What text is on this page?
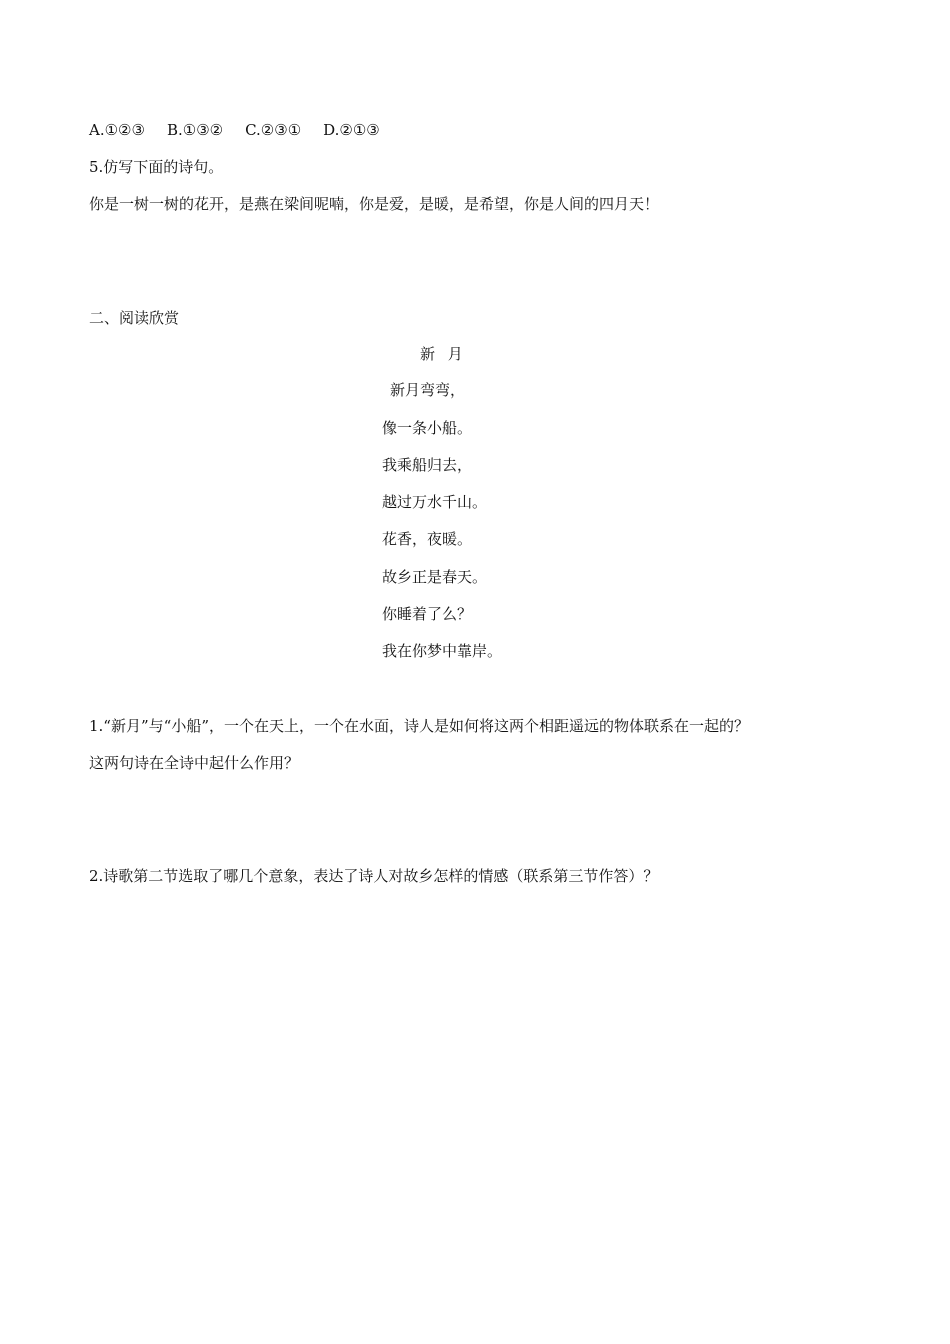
A.①②③ B.①③② C.②③① D.②①③
5.仿写下面的诗句。
你是一树一树的花开，是燕在梁间呢喃，你是爱，是暖，是希望，你是人间的四月天！
二、阅读欣赏
新 月
新月弯弯，
像一条小船。
我乘船归去，
越过万水千山。
花香，夜暖。
故乡正是春天。
你睡着了么？
我在你梦中靠岸。
1.“新月”与“小船”，一个在天上，一个在水面，诗人是如何将这两个相距遥远的物体联系在一起的？
这两句诗在全诗中起什么作用？
2.诗歌第二节选取了哪几个意象，表达了诗人对故乡怎样的情感（联系第三节作答）？
